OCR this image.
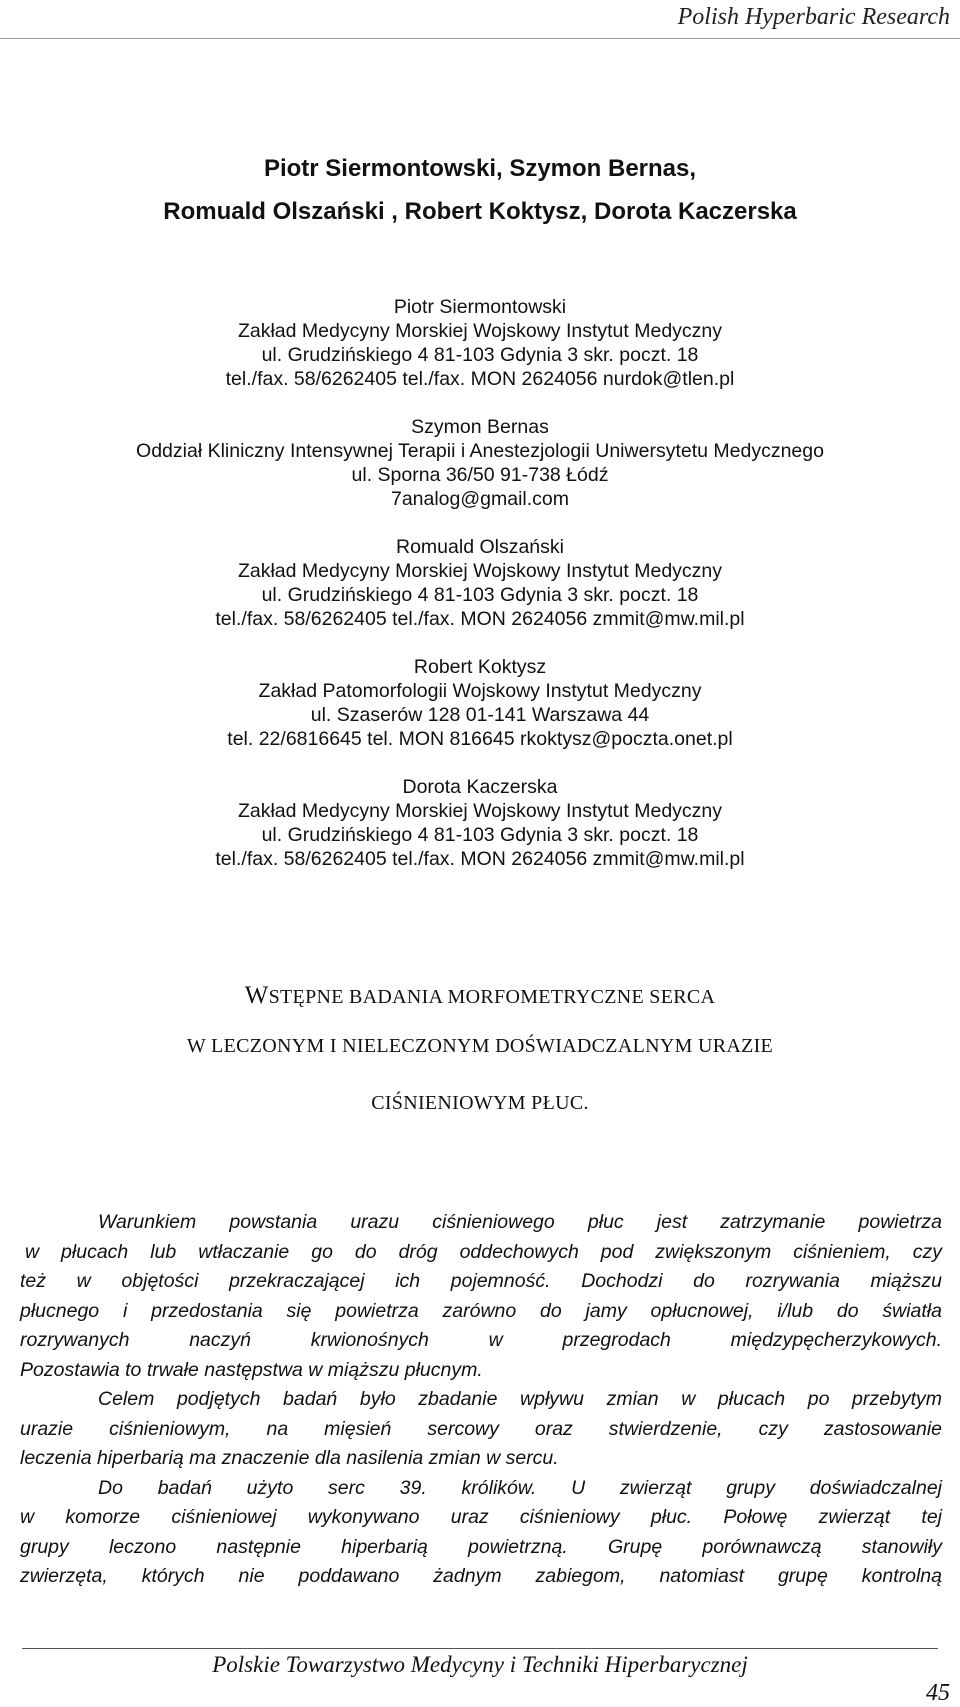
Polish Hyperbaric Research
Piotr Siermontowski, Szymon Bernas,
Romuald Olszański , Robert Koktysz, Dorota Kaczerska
Piotr Siermontowski
Zakład Medycyny Morskiej Wojskowy Instytut Medyczny
ul. Grudzińskiego 4 81-103 Gdynia 3 skr. poczt. 18
tel./fax. 58/6262405 tel./fax. MON 2624056 nurdok@tlen.pl
Szymon Bernas
Oddział Kliniczny Intensywnej Terapii i Anestezjologii Uniwersytetu Medycznego
ul. Sporna 36/50 91-738 Łódź
7analog@gmail.com
Romuald Olszański
Zakład Medycyny Morskiej Wojskowy Instytut Medyczny
ul. Grudzińskiego 4 81-103 Gdynia 3 skr. poczt. 18
tel./fax. 58/6262405 tel./fax. MON 2624056 zmmit@mw.mil.pl
Robert Koktysz
Zakład Patomorfologii Wojskowy Instytut Medyczny
ul. Szaserów 128 01-141 Warszawa 44
tel. 22/6816645 tel. MON 816645 rkoktysz@poczta.onet.pl
Dorota Kaczerska
Zakład Medycyny Morskiej Wojskowy Instytut Medyczny
ul. Grudzińskiego 4 81-103 Gdynia 3 skr. poczt. 18
tel./fax. 58/6262405 tel./fax. MON 2624056 zmmit@mw.mil.pl
WSTĘPNE BADANIA MORFOMETRYCZNE SERCA
W LECZONYM I NIELECZONYM DOŚWIADCZALNYM URAZIE
CIŚNIENIOWYM PŁUC.
Warunkiem powstania urazu ciśnieniowego płuc jest zatrzymanie powietrza
w płucach lub wtłaczanie go do dróg oddechowych pod zwiększonym ciśnieniem, czy
też w objętości przekraczającej ich pojemność. Dochodzi do rozrywania miąższu
płucnego i przedostania się powietrza zarówno do jamy opłucnowej, i/lub do światła
rozrywanych naczyń krwionośnych w przegrodach międzypęcherzykowych.
Pozostawia to trwałe następstwa w miąższu płucnym.
Celem podjętych badań było zbadanie wpływu zmian w płucach po przebytym
urazie ciśnieniowym, na mięsień sercowy oraz stwierdzenie, czy zastosowanie
leczenia hiperbarią ma znaczenie dla nasilenia zmian w sercu.
Do badań użyto serc 39. królików. U zwierząt grupy doświadczalnej
w komorze ciśnieniowej wykonywano uraz ciśnieniowy płuc. Połowę zwierząt tej
grupy leczono następnie hiperbarią powietrzną. Grupę porównawczą stanowiły
zwierzęta, których nie poddawano żadnym zabiegom, natomiast grupę kontrolną
Polskie Towarzystwo Medycyny i Techniki Hiperbarycznej
45
